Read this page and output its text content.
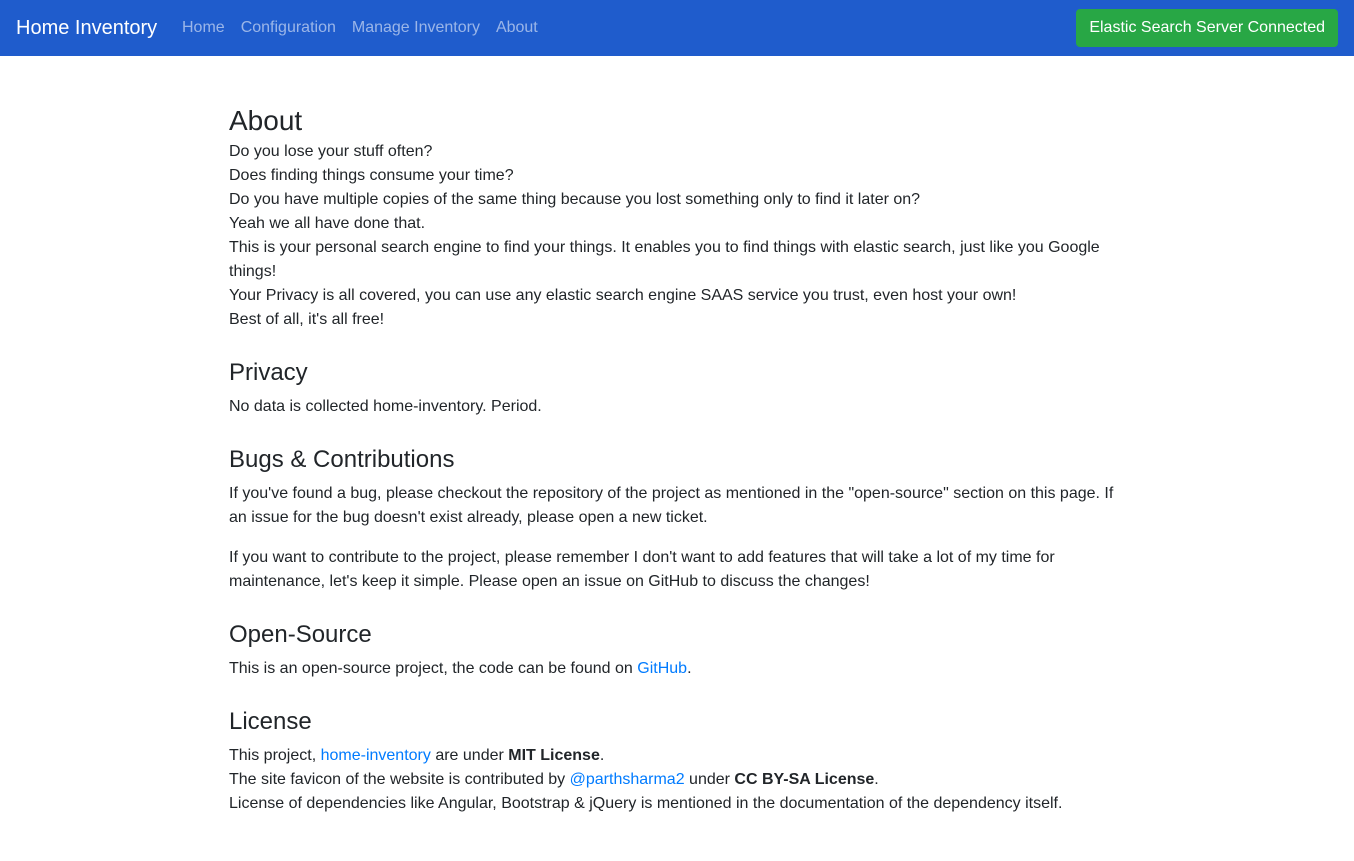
Home Inventory	Home	Configuration	Manage Inventory	About	Elastic Search Server Connected
About
Do you lose your stuff often?
Does finding things consume your time?
Do you have multiple copies of the same thing because you lost something only to find it later on?
Yeah we all have done that.
This is your personal search engine to find your things. It enables you to find things with elastic search, just like you Google things!
Your Privacy is all covered, you can use any elastic search engine SAAS service you trust, even host your own!
Best of all, it's all free!
Privacy

No data is collected home-inventory. Period.

Bugs & Contributions

If you've found a bug, please checkout the repository of the project as mentioned in the "open-source" section on this page. If an issue for the bug doesn't exist already, please open a new ticket.

If you want to contribute to the project, please remember I don't want to add features that will take a lot of my time for maintenance, let's keep it simple. Please open an issue on GitHub to discuss the changes!

Open-Source

This is an open-source project, the code can be found on GitHub.

License
This project, home-inventory are under MIT License.
The site favicon of the website is contributed by @parthsharma2 under CC BY-SA License.
License of dependencies like Angular, Bootstrap & jQuery is mentioned in the documentation of the dependency itself.
